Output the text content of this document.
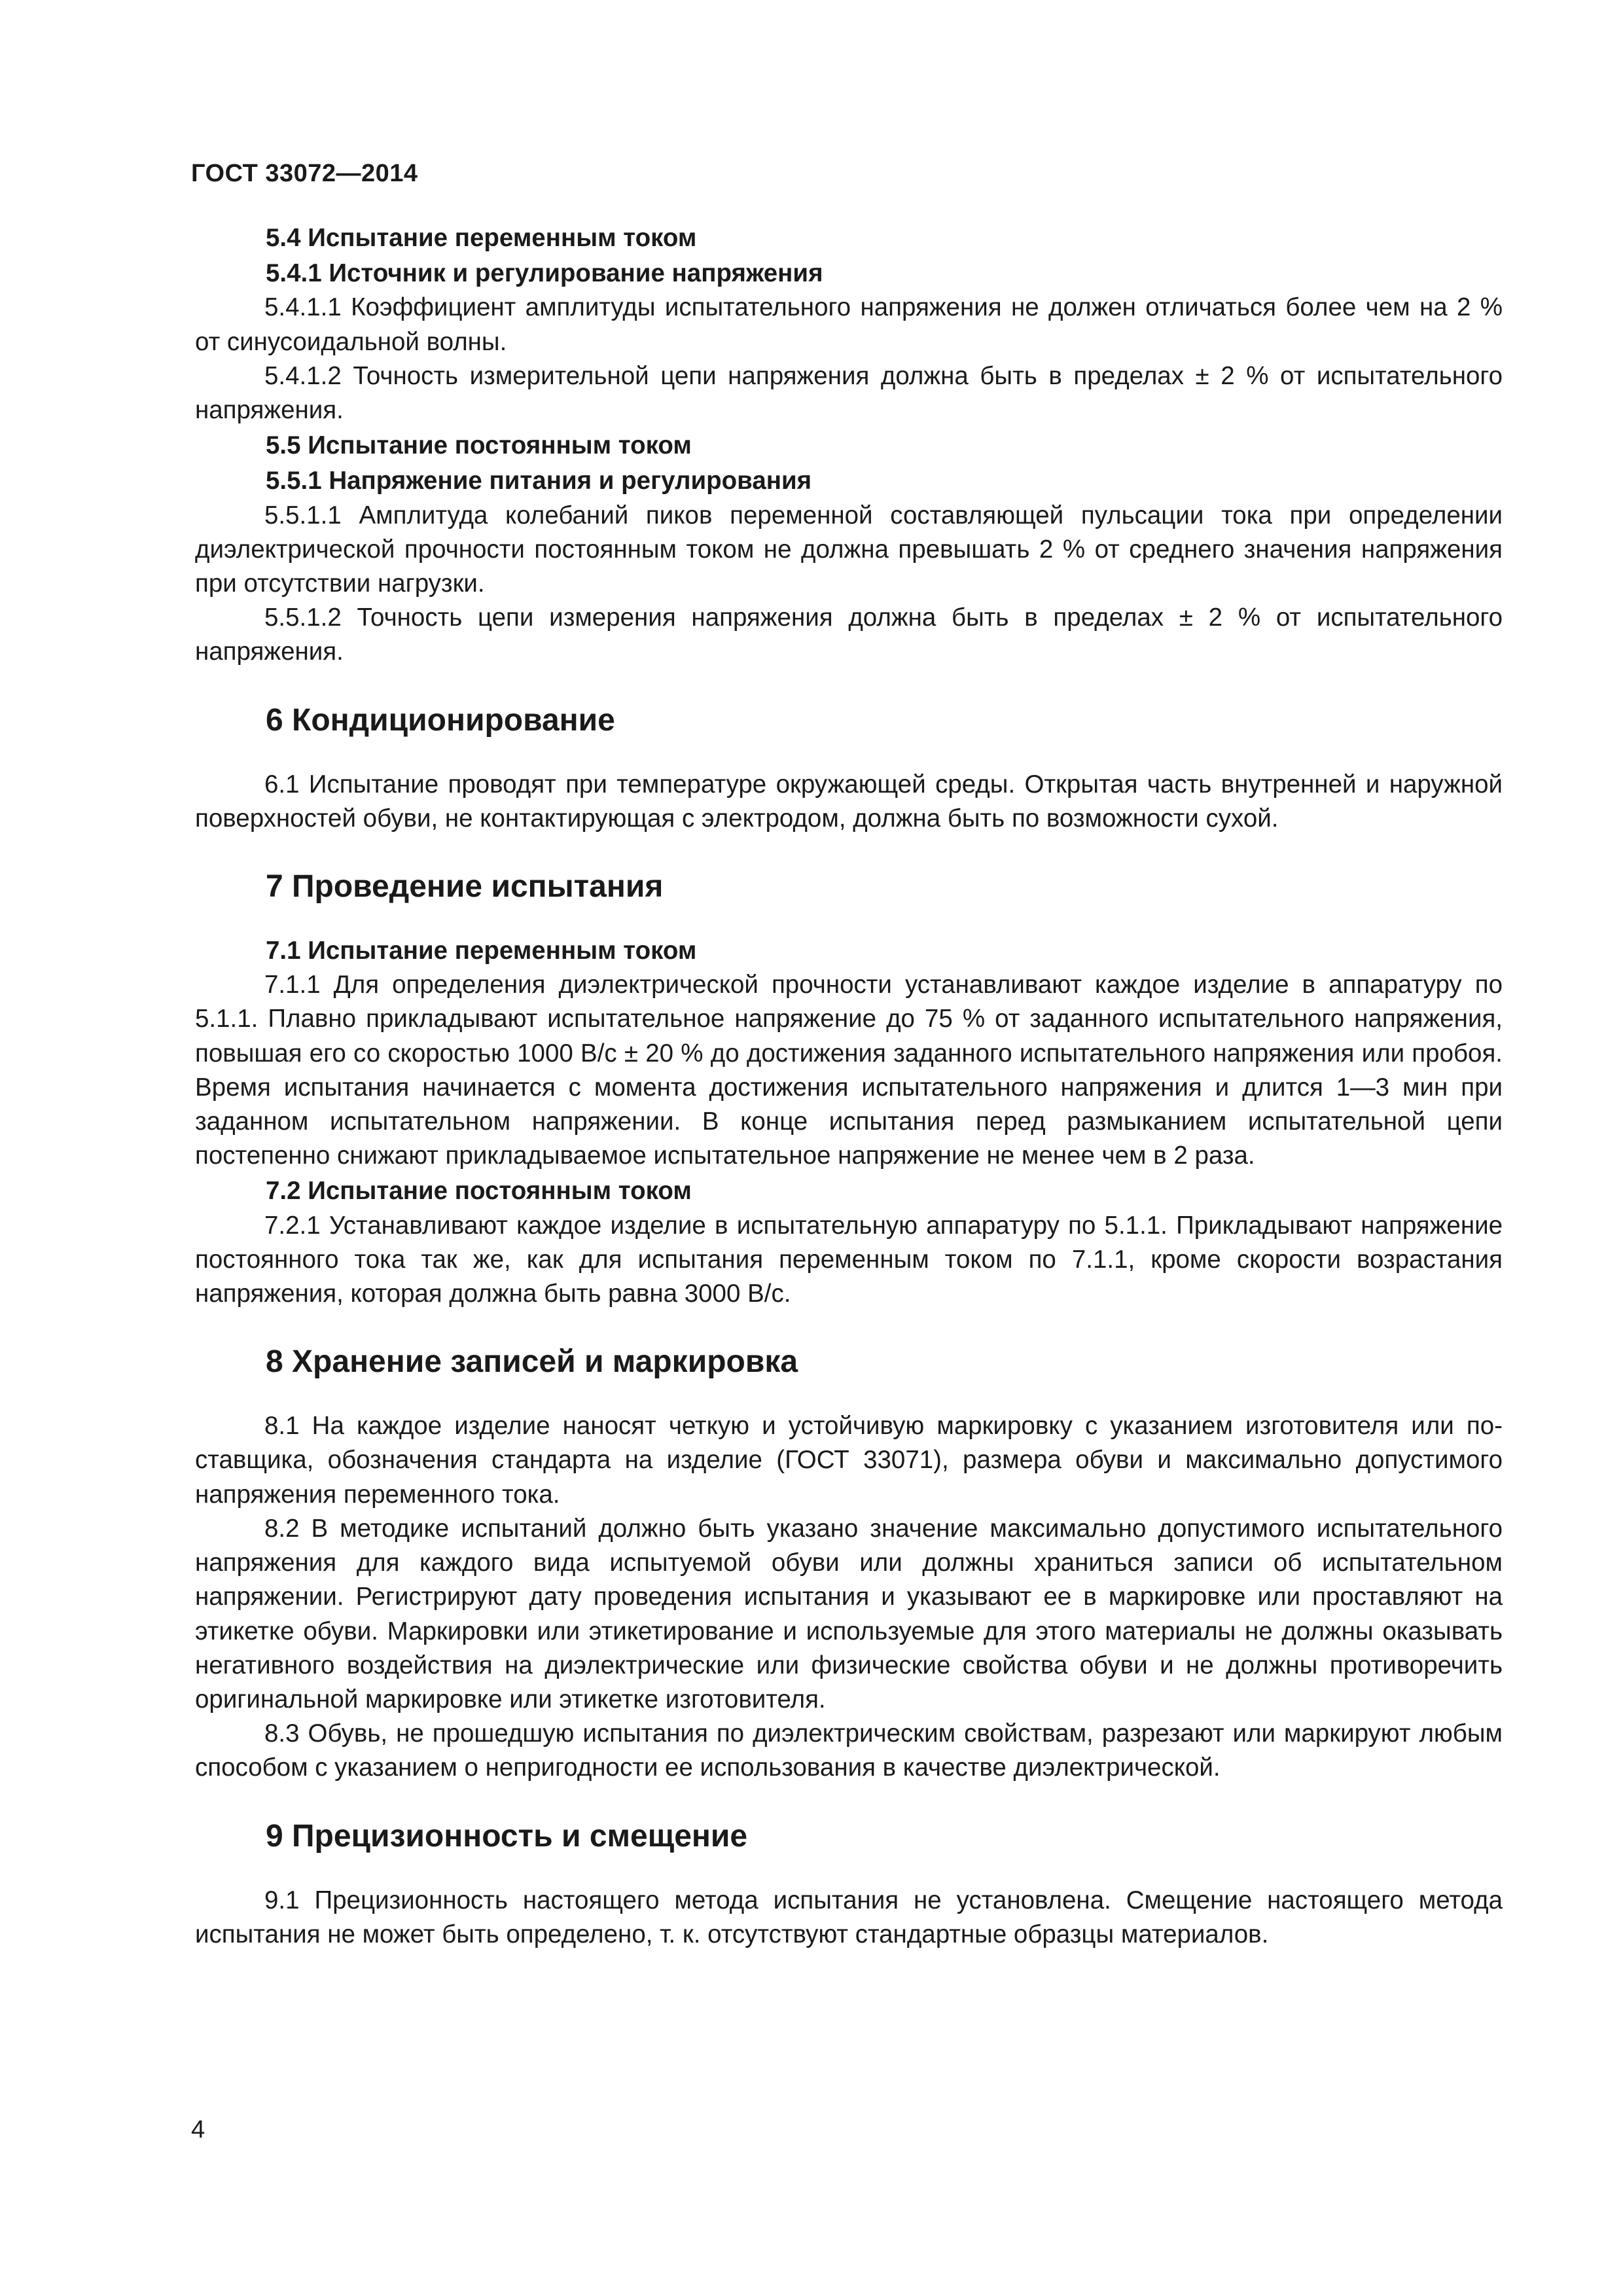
ГОСТ 33072—2014
5.4 Испытание переменным током
5.4.1 Источник и регулирование напряжения

5.4.1.1 Коэффициент амплитуды испытательного напряжения не должен отличаться более чем на 2 % от синусоидальной волны.

5.4.1.2 Точность измерительной цепи напряжения должна быть в пределах ± 2 % от испытательного напряжения.

5.5 Испытание постоянным током
5.5.1 Напряжение питания и регулирования

5.5.1.1 Амплитуда колебаний пиков переменной составляющей пульсации тока при определении диэлектрической прочности постоянным током не должна превышать 2 % от среднего значения напряжения при отсутствии нагрузки.

5.5.1.2 Точность цепи измерения напряжения должна быть в пределах ± 2 % от испытательного напряжения.

6 Кондиционирование

6.1 Испытание проводят при температуре окружающей среды. Открытая часть внутренней и наружной поверхностей обуви, не контактирующая с электродом, должна быть по возможности сухой.

7 Проведение испытания
7.1 Испытание переменным током

7.1.1 Для определения диэлектрической прочности устанавливают каждое изделие в аппаратуру по 5.1.1. Плавно прикладывают испытательное напряжение до 75 % от заданного испытательного напряжения, повышая его со скоростью 1000 В/с ± 20 % до достижения заданного испытательного напряжения или пробоя. Время испытания начинается с момента достижения испытательного напряжения и длится 1—3 мин при заданном испытательном напряжении. В конце испытания перед размыканием испытательной цепи постепенно снижают прикладываемое испытательное напряжение не менее чем в 2 раза.

7.2 Испытание постоянным током

7.2.1 Устанавливают каждое изделие в испытательную аппаратуру по 5.1.1. Прикладывают напряжение постоянного тока так же, как для испытания переменным током по 7.1.1, кроме скорости возрастания напряжения, которая должна быть равна 3000 В/с.

8 Хранение записей и маркировка

8.1 На каждое изделие наносят четкую и устойчивую маркировку с указанием изготовителя или поставщика, обозначения стандарта на изделие (ГОСТ 33071), размера обуви и максимально допустимого напряжения переменного тока.

8.2 В методике испытаний должно быть указано значение максимально допустимого испытательного напряжения для каждого вида испытуемой обуви или должны храниться записи об испытательном напряжении. Регистрируют дату проведения испытания и указывают ее в маркировке или проставляют на этикетке обуви. Маркировки или этикетирование и используемые для этого материалы не должны оказывать негативного воздействия на диэлектрические или физические свойства обуви и не должны противоречить оригинальной маркировке или этикетке изготовителя.

8.3 Обувь, не прошедшую испытания по диэлектрическим свойствам, разрезают или маркируют любым способом с указанием о непригодности ее использования в качестве диэлектрической.

9 Прецизионность и смещение

9.1 Прецизионность настоящего метода испытания не установлена. Смещение настоящего метода испытания не может быть определено, т. к. отсутствуют стандартные образцы материалов.

4
